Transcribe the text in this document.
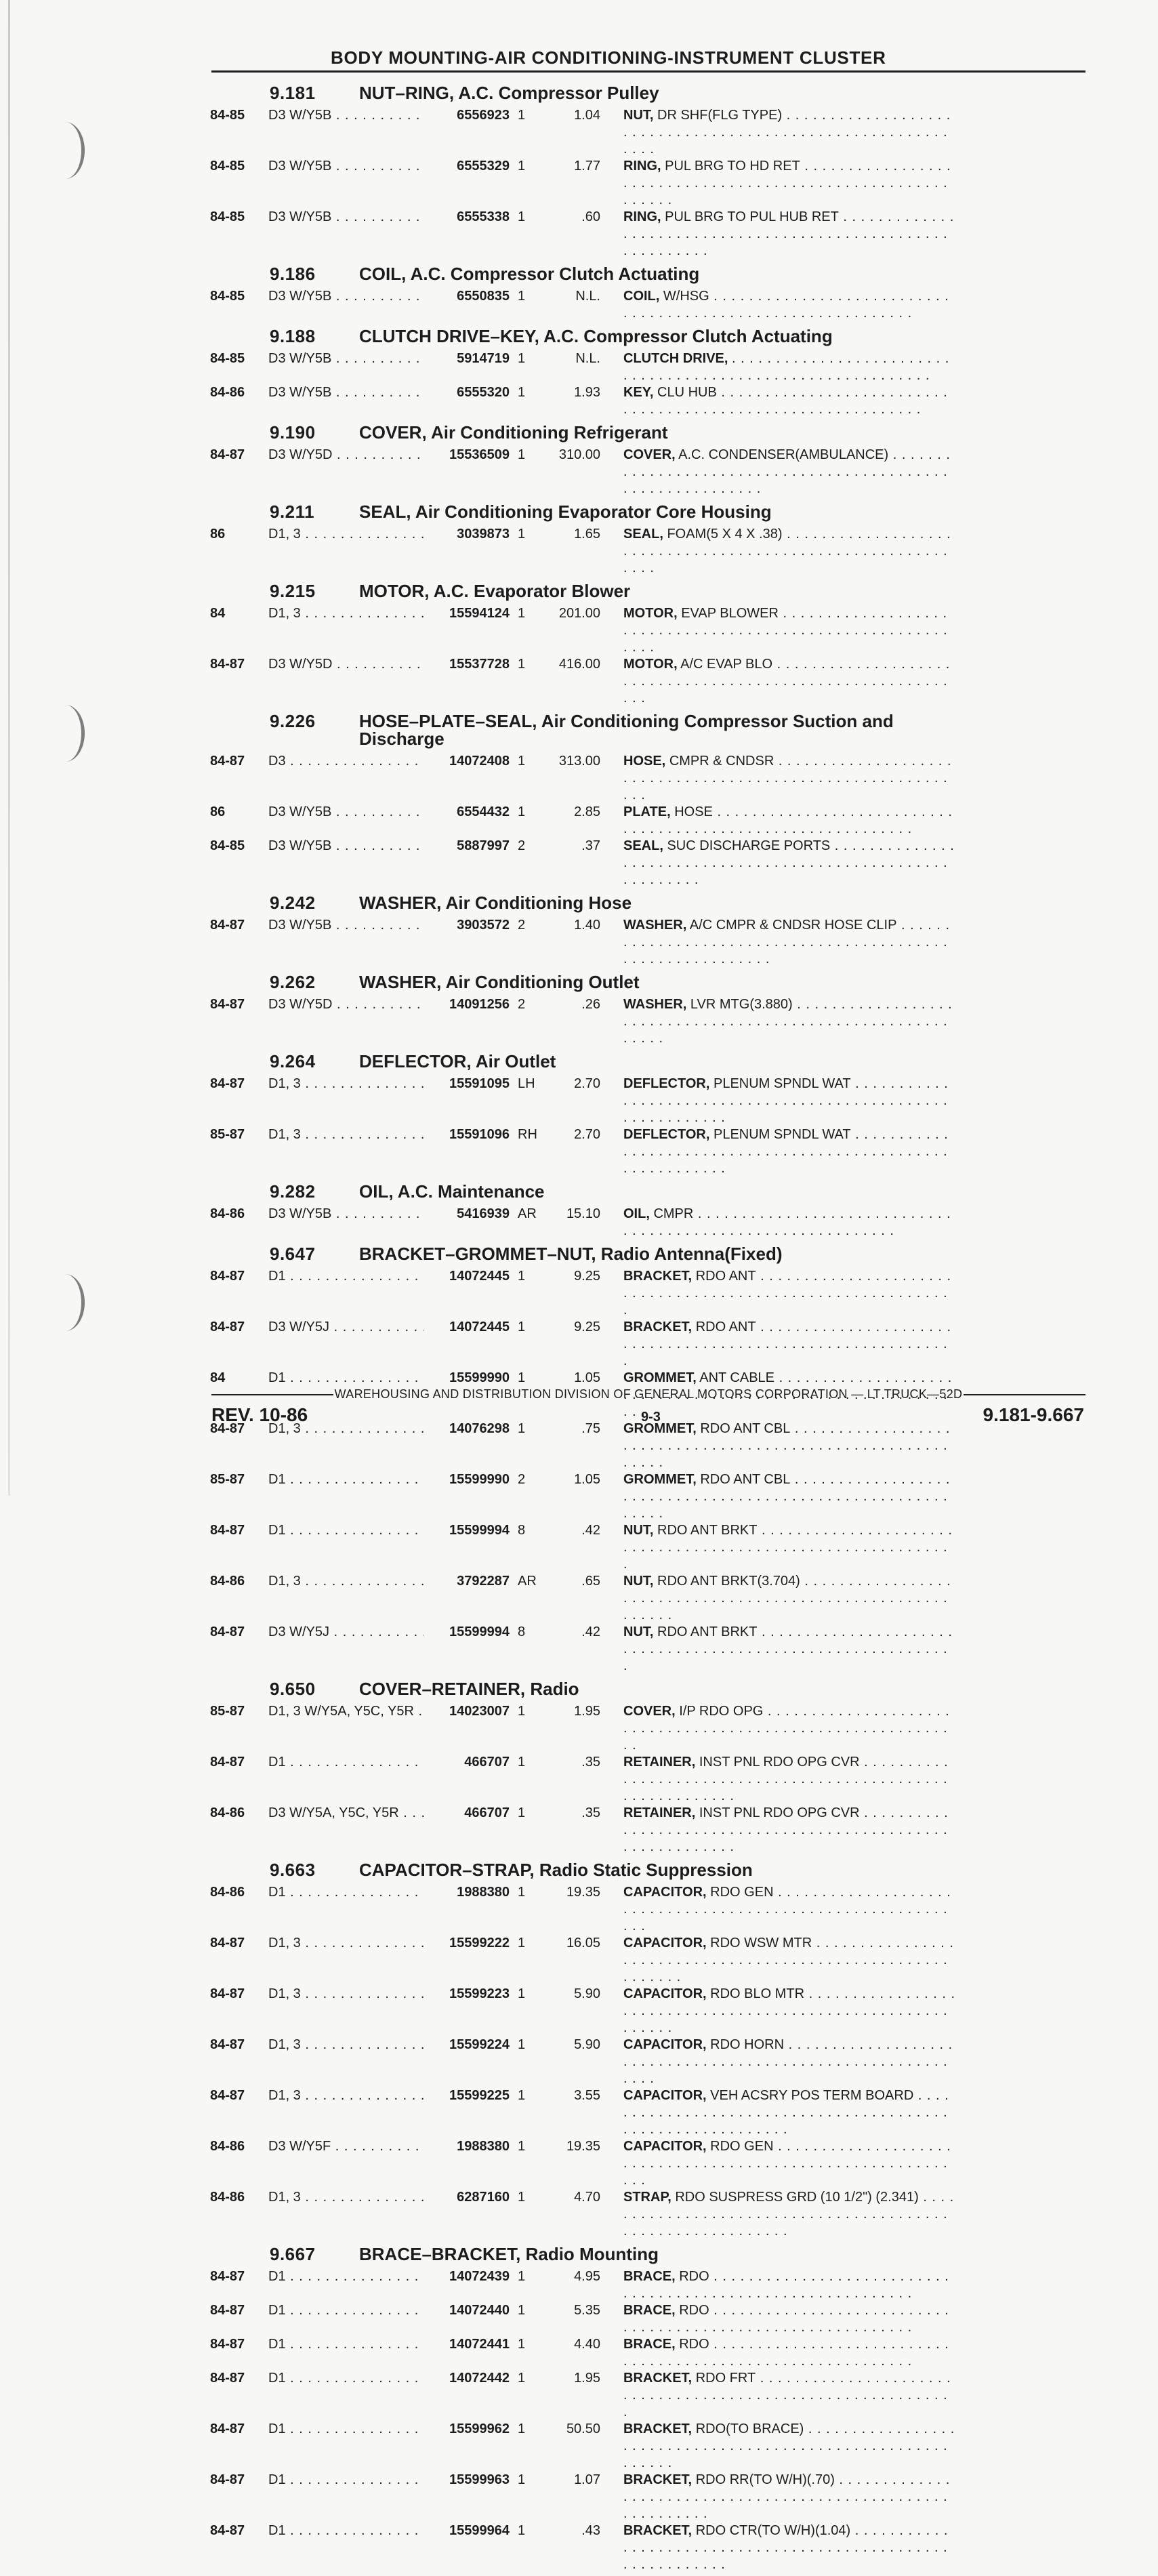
BODY MOUNTING-AIR CONDITIONING-INSTRUMENT CLUSTER
9.181	NUT–RING, A.C. Compressor Pulley
84-85	D3 W/Y5B . . .	6556923 1	1.04 NUT, DR SHF(FLG TYPE) . . .
84-85	D3 W/Y5B . . .	6555329 1	1.77 RING, PUL BRG TO HD RET . . .
84-85	D3 W/Y5B . . .	6555338 1	.60 RING, PUL BRG TO PUL HUB RET . . .
9.186	COIL, A.C. Compressor Clutch Actuating
84-85	D3 W/Y5B . . .	6550835 1	N.L. COIL, W/HSG . . .
9.188	CLUTCH DRIVE–KEY, A.C. Compressor Clutch Actuating
84-85	D3 W/Y5B . . .	5914719 1	N.L. CLUTCH DRIVE, . . .
84-86	D3 W/Y5B . . .	6555320 1	1.93 KEY, CLU HUB . . .
9.190	COVER, Air Conditioning Refrigerant
84-87	D3 W/Y5D . . .	15536509 1	310.00 COVER, A.C. CONDENSER(AMBULANCE) . . .
9.211	SEAL, Air Conditioning Evaporator Core Housing
86	D1, 3 . . .	3039873 1	1.65 SEAL, FOAM(5 X 4 X .38) . . .
9.215	MOTOR, A.C. Evaporator Blower
84	D1, 3 . . .	15594124 1	201.00 MOTOR, EVAP BLOWER . . .
84-87	D3 W/Y5D . . .	15537728 1	416.00 MOTOR, A/C EVAP BLO . . .
9.226	HOSE–PLATE–SEAL, Air Conditioning Compressor Suction and Discharge
84-87	D3 . . .	14072408 1	313.00 HOSE, CMPR & CNDSR . . .
86	D3 W/Y5B . . .	6554432 1	2.85 PLATE, HOSE . . .
84-85	D3 W/Y5B . . .	5887997 2	.37 SEAL, SUC DISCHARGE PORTS . . .
9.242	WASHER, Air Conditioning Hose
84-87	D3 W/Y5B . . .	3903572 2	1.40 WASHER, A/C CMPR & CNDSR HOSE CLIP . . .
9.262	WASHER, Air Conditioning Outlet
84-87	D3 W/Y5D . . .	14091256 2	.26 WASHER, LVR MTG(3.880) . . .
9.264	DEFLECTOR, Air Outlet
84-87	D1, 3 . . .	15591095 LH	2.70 DEFLECTOR, PLENUM SPNDL WAT . . .
85-87	D1, 3 . . .	15591096 RH	2.70 DEFLECTOR, PLENUM SPNDL WAT . . .
9.282	OIL, A.C. Maintenance
84-86	D3 W/Y5B . . .	5416939 AR	15.10 OIL, CMPR . . .
9.647	BRACKET–GROMMET–NUT, Radio Antenna(Fixed)
84-87	D1 . . .	14072445 1	9.25 BRACKET, RDO ANT . . .
84-87	D3 W/Y5J . . .	14072445 1	9.25 BRACKET, RDO ANT . . .
84	D1 . . .	15599990 1	1.05 GROMMET, ANT CABLE . . .
84-87	D1, 3 . . .	14076298 1	.75 GROMMET, RDO ANT CBL . . .
85-87	D1 . . .	15599990 2	1.05 GROMMET, RDO ANT CBL . . .
84-87	D1 . . .	15599994 8	.42 NUT, RDO ANT BRKT . . .
84-86	D1, 3 . . .	3792287 AR	.65 NUT, RDO ANT BRKT(3.704) . . .
84-87	D3 W/Y5J . . .	15599994 8	.42 NUT, RDO ANT BRKT . . .
9.650	COVER–RETAINER, Radio
85-87	D1, 3 W/Y5A, Y5C, Y5R . . .	14023007 1	1.95 COVER, I/P RDO OPG . . .
84-87	D1 . . .	466707 1	.35 RETAINER, INST PNL RDO OPG CVR . . .
84-86	D3 W/Y5A, Y5C, Y5R . . .	466707 1	.35 RETAINER, INST PNL RDO OPG CVR . . .
9.663	CAPACITOR–STRAP, Radio Static Suppression
84-86	D1 . . .	1988380 1	19.35 CAPACITOR, RDO GEN . . .
84-87	D1, 3 . . .	15599222 1	16.05 CAPACITOR, RDO WSW MTR . . .
84-87	D1, 3 . . .	15599223 1	5.90 CAPACITOR, RDO BLO MTR . . .
84-87	D1, 3 . . .	15599224 1	5.90 CAPACITOR, RDO HORN . . .
84-87	D1, 3 . . .	15599225 1	3.55 CAPACITOR, VEH ACSRY POS TERM BOARD . . .
84-86	D3 W/Y5F . . .	1988380 1	19.35 CAPACITOR, RDO GEN . . .
84-86	D1, 3 . . .	6287160 1	4.70 STRAP, RDO SUSPRESS GRD (10 1/2") (2.341) . . .
9.667	BRACE–BRACKET, Radio Mounting
84-87	D1 . . .	14072439 1	4.95 BRACE, RDO . . .
84-87	D1 . . .	14072440 1	5.35 BRACE, RDO . . .
84-87	D1 . . .	14072441 1	4.40 BRACE, RDO . . .
84-87	D1 . . .	14072442 1	1.95 BRACKET, RDO FRT . . .
84-87	D1 . . .	15599962 1	50.50 BRACKET, RDO(TO BRACE) . . .
84-87	D1 . . .	15599963 1	1.07 BRACKET, RDO RR(TO W/H)(.70) . . .
84-87	D1 . . .	15599964 1	.43 BRACKET, RDO CTR(TO W/H)(1.04) . . .
WAREHOUSING AND DISTRIBUTION DIVISION OF GENERAL MOTORS CORPORATION — LT TRUCK—52D
REV. 10-86	9-3	9.181-9.667
